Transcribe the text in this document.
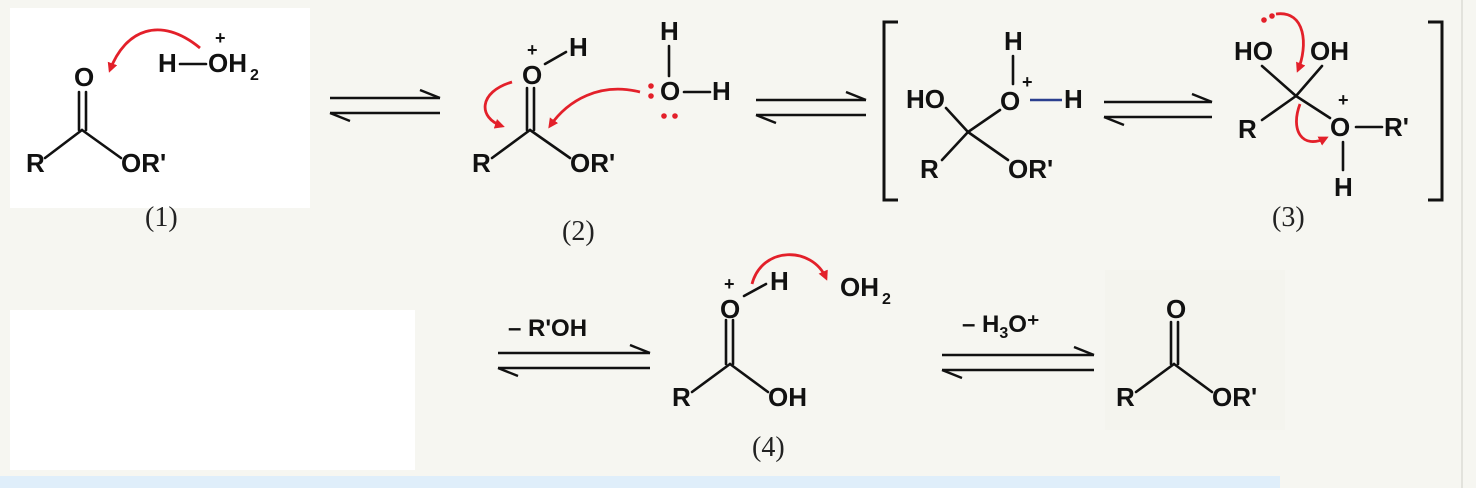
R
O
OR'
H OH 2
+
(1)
R
O
+ H
OR'
H
O H
(2)
HO
R	OR'
O
+
H
H
HO OH
R	O
+
R'
H
(3)
– R'OH
R
O
+ H
OH
OH 2
(4)
– $H_3O^+$
R
O
OR'
